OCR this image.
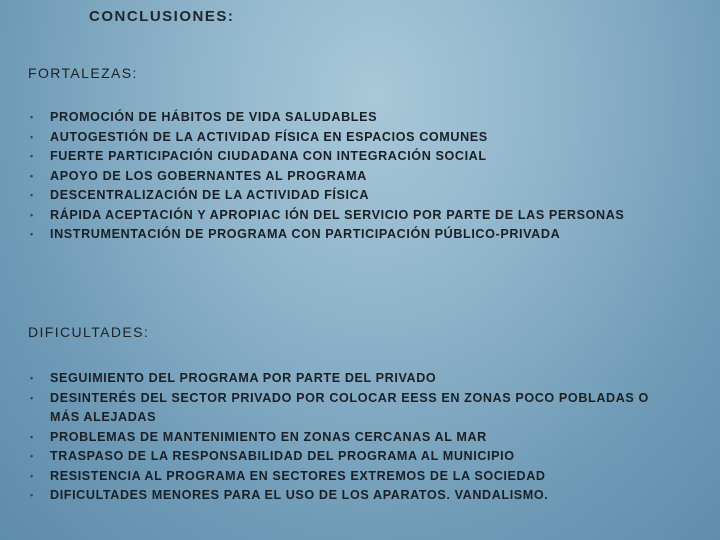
CONCLUSIONES:
FORTALEZAS:
•	PROMOCIÓN DE HÁBITOS DE VIDA SALUDABLES
•	AUTOGESTIÓN DE LA ACTIVIDAD FÍSICA EN ESPACIOS COMUNES
•	FUERTE PARTICIPACIÓN CIUDADANA CON INTEGRACIÓN SOCIAL
•	APOYO DE LOS GOBERNANTES AL PROGRAMA
•	DESCENTRALIZACIÓN DE LA ACTIVIDAD FÍSICA
•	RÁPIDA ACEPTACIÓN Y APROPIAC IÓN DEL SERVICIO POR PARTE DE LAS PERSONAS
•	INSTRUMENTACIÓN DE PROGRAMA CON PARTICIPACIÓN PÚBLICO-PRIVADA
DIFICULTADES:
•	SEGUIMIENTO DEL PROGRAMA POR PARTE DEL PRIVADO
•	DESINTERÉS DEL SECTOR PRIVADO POR COLOCAR EESS EN ZONAS POCO POBLADAS O MÁS ALEJADAS
•	PROBLEMAS DE MANTENIMIENTO EN ZONAS CERCANAS AL MAR
•	TRASPASO DE LA RESPONSABILIDAD DEL PROGRAMA AL MUNICIPIO
•	RESISTENCIA AL PROGRAMA EN SECTORES EXTREMOS DE LA SOCIEDAD
•	DIFICULTADES MENORES PARA EL USO DE LOS APARATOS. VANDALISMO.
